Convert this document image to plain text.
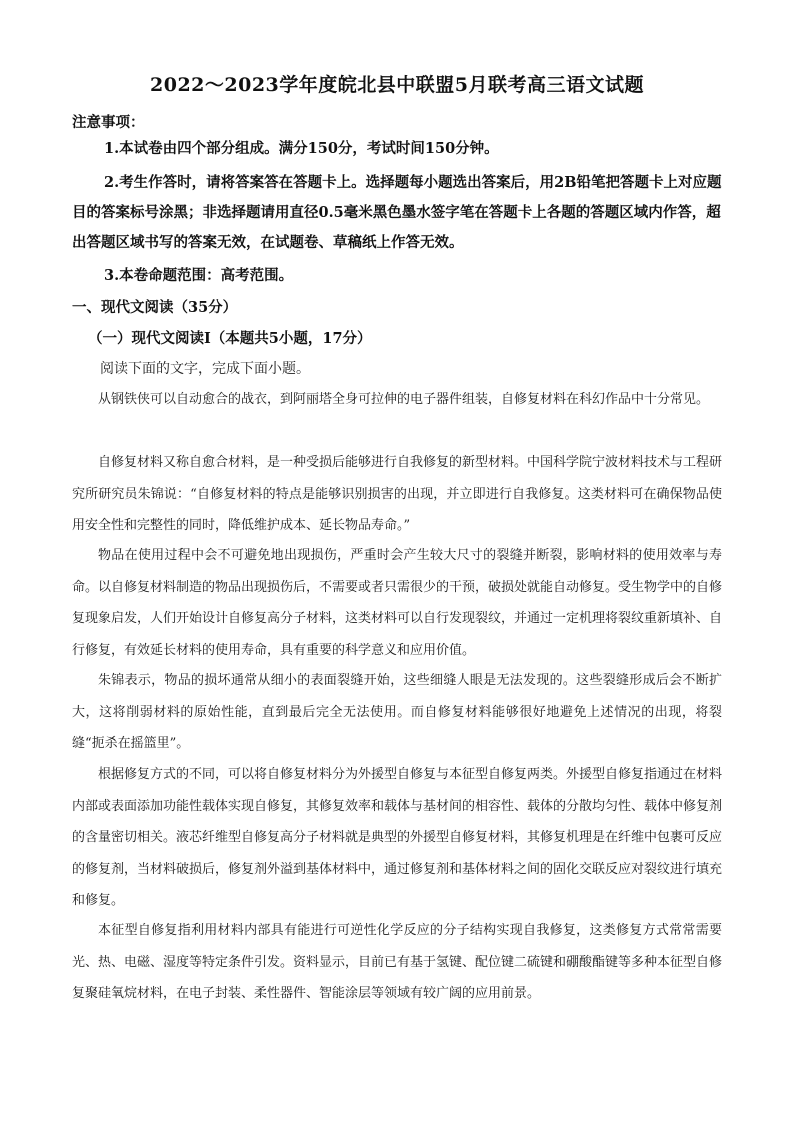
2022～2023学年度皖北县中联盟5月联考高三语文试题
注意事项：
1.本试卷由四个部分组成。满分150分，考试时间150分钟。
2.考生作答时，请将答案答在答题卡上。选择题每小题选出答案后，用2B铅笔把答题卡上对应题目的答案标号涂黑；非选择题请用直径0.5毫米黑色墨水签字笔在答题卡上各题的答题区域内作答，超出答题区域书写的答案无效，在试题卷、草稿纸上作答无效。
3.本卷命题范围：高考范围。
一、现代文阅读（35分）
（一）现代文阅读Ⅰ（本题共5小题，17分）
阅读下面的文字，完成下面小题。
从钢铁侠可以自动愈合的战衣，到阿丽塔全身可拉伸的电子器件组装，自修复材料在科幻作品中十分常见。
自修复材料又称自愈合材料，是一种受损后能够进行自我修复的新型材料。中国科学院宁波材料技术与工程研究所研究员朱锦说：“自修复材料的特点是能够识别损害的出现，并立即进行自我修复。这类材料可在确保物品使用安全性和完整性的同时，降低维护成本、延长物品寿命。”
物品在使用过程中会不可避免地出现损伤，严重时会产生较大尺寸的裂缝并断裂，影响材料的使用效率与寿命。以自修复材料制造的物品出现损伤后，不需要或者只需很少的干预，破损处就能自动修复。受生物学中的自修复现象启发，人们开始设计自修复高分子材料，这类材料可以自行发现裂纹，并通过一定机理将裂纹重新填补、自行修复，有效延长材料的使用寿命，具有重要的科学意义和应用价值。
朱锦表示，物品的损坏通常从细小的表面裂缝开始，这些细缝人眼是无法发现的。这些裂缝形成后会不断扩大，这将削弱材料的原始性能，直到最后完全无法使用。而自修复材料能够很好地避免上述情况的出现，将裂缝“扼杀在摇篮里”。
根据修复方式的不同，可以将自修复材料分为外援型自修复与本征型自修复两类。外援型自修复指通过在材料内部或表面添加功能性载体实现自修复，其修复效率和载体与基材间的相容性、载体的分散均匀性、载体中修复剂的含量密切相关。液芯纤维型自修复高分子材料就是典型的外援型自修复材料，其修复机理是在纤维中包裹可反应的修复剂，当材料破损后，修复剂外溢到基体材料中，通过修复剂和基体材料之间的固化交联反应对裂纹进行填充和修复。
本征型自修复指利用材料内部具有能进行可逆性化学反应的分子结构实现自我修复，这类修复方式常常需要光、热、电磁、湿度等特定条件引发。资料显示，目前已有基于氢键、配位键二硫键和硼酸酯键等多种本征型自修复聚硅氧烷材料，在电子封装、柔性器件、智能涂层等领域有较广阔的应用前景。
